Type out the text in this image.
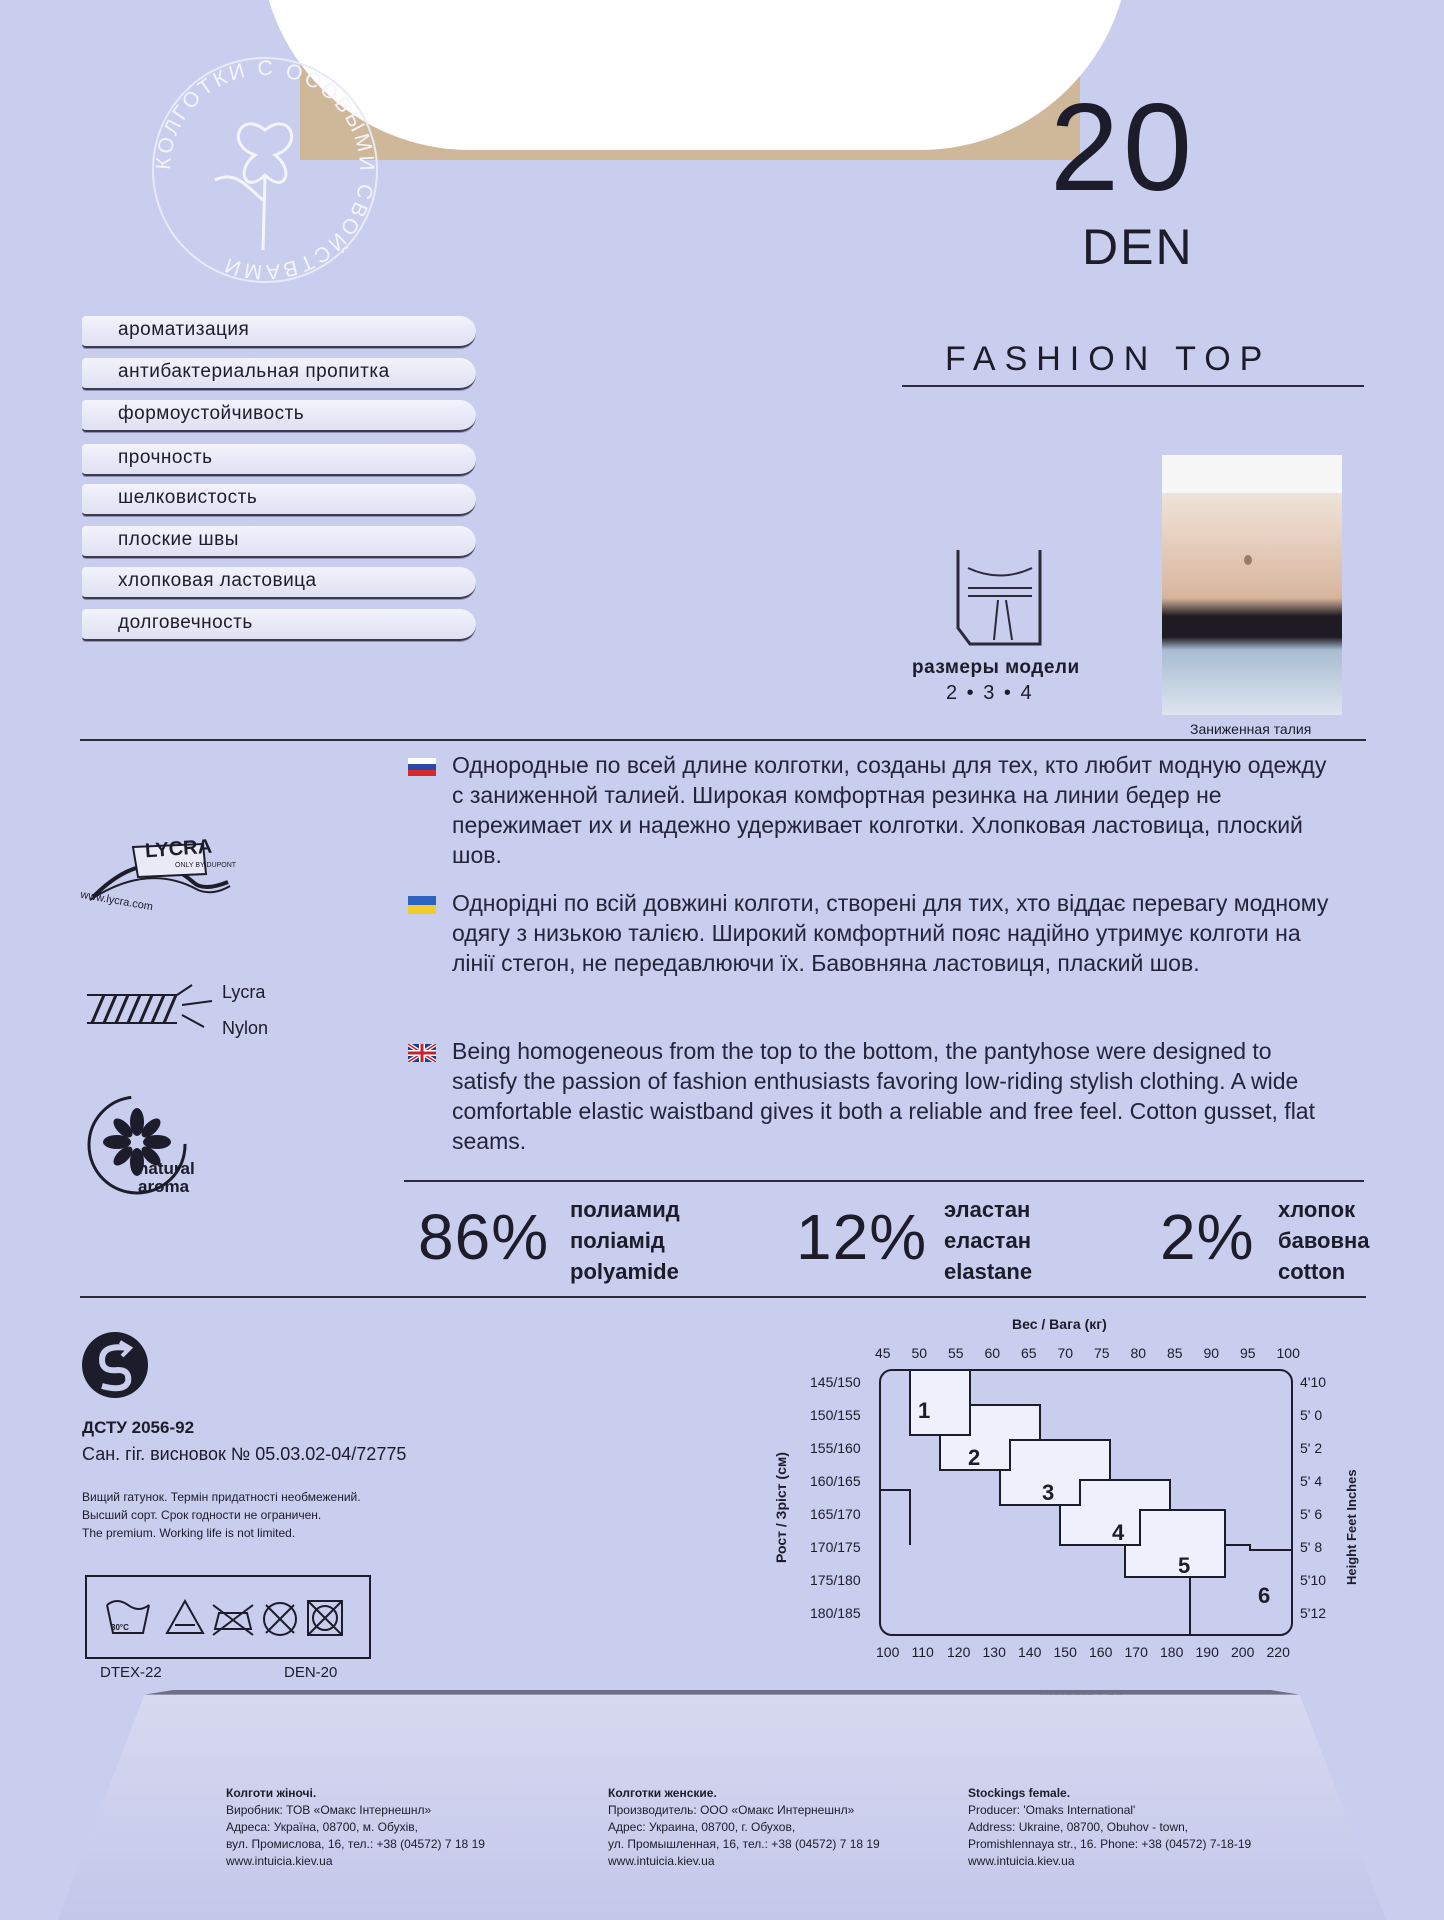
КОЛГОТКИ С ОСОБЫМИ СВОЙСТВАМИ
20
DEN
FASHION TOP
ароматизация
антибактериальная пропитка
формоустойчивость
прочность
шелковистость
плоские швы
хлопковая ластовица
долговечность
размеры модели
2 • 3 • 4
Заниженная талия
Однородные по всей длине колготки, созданы для тех, кто любит модную одежду с заниженной талией. Широкая комфортная резинка на линии бедер не пережимает их и надежно удерживает колготки. Хлопковая ластовица, плоский шов.
Однорідні по всій довжині колготи, створені для тих, хто віддає перевагу модному одягу з низькою талією. Широкий комфортний пояс надійно утримує колготи на лінії стегон, не передавлюючи їх. Бавовняна ластовиця, плаский шов.
Being homogeneous from the top to the bottom, the pantyhose were designed to satisfy the passion of fashion enthusiasts favoring low-riding stylish clothing. A wide comfortable elastic waistband gives it both a reliable and free feel. Cotton gusset, flat seams.
LYCRA
ONLY BY DUPONT
www.lycra.com
Lycra
Nylon
natural
aroma
86% полиамид
поліамід
polyamide 12% эластан
еластан
elastane 2% хлопок
бавовна
cotton
ДСТУ 2056-92
Сан. гіг. висновок № 05.03.02-04/72775
Вищий гатунок. Термін придатності необмежений.
Высший сорт. Срок годности не ограничен.
The premium. Working life is not limited.
30°C
DTEX-22	DEN-20
Вес / Вага (кг)
45 50 55 60 65 70 75 80 85 90 95 100
145/150
150/155
155/160
160/165
165/170
170/175
175/180
180/185
4'10
5' 0
5' 2
5' 4
5' 6
5' 8
5'10
5'12
100 110 120 130 140 150 160 170 180 190 200 220
1
2
3
4
5
6
Рост / Зріст (см)	Height Feet Inches
Колготи жіночі.
Виробник: ТОВ «Омакс Інтернешнл»
Адреса: Україна, 08700, м. Обухів,
вул. Промислова, 16, тел.: +38 (04572) 7 18 19
www.intuicia.kiev.ua
Колготки женские.
Производитель: ООО «Омакс Интернешнл»
Адрес: Украина, 08700, г. Обухов,
ул. Промышленная, 16, тел.: +38 (04572) 7 18 19
www.intuicia.kiev.ua
Stockings female.
Producer: 'Omaks International'
Address: Ukraine, 08700, Obuhov - town,
Promishlennaya str., 16. Phone: +38 (04572) 7-18-19
www.intuicia.kiev.ua
